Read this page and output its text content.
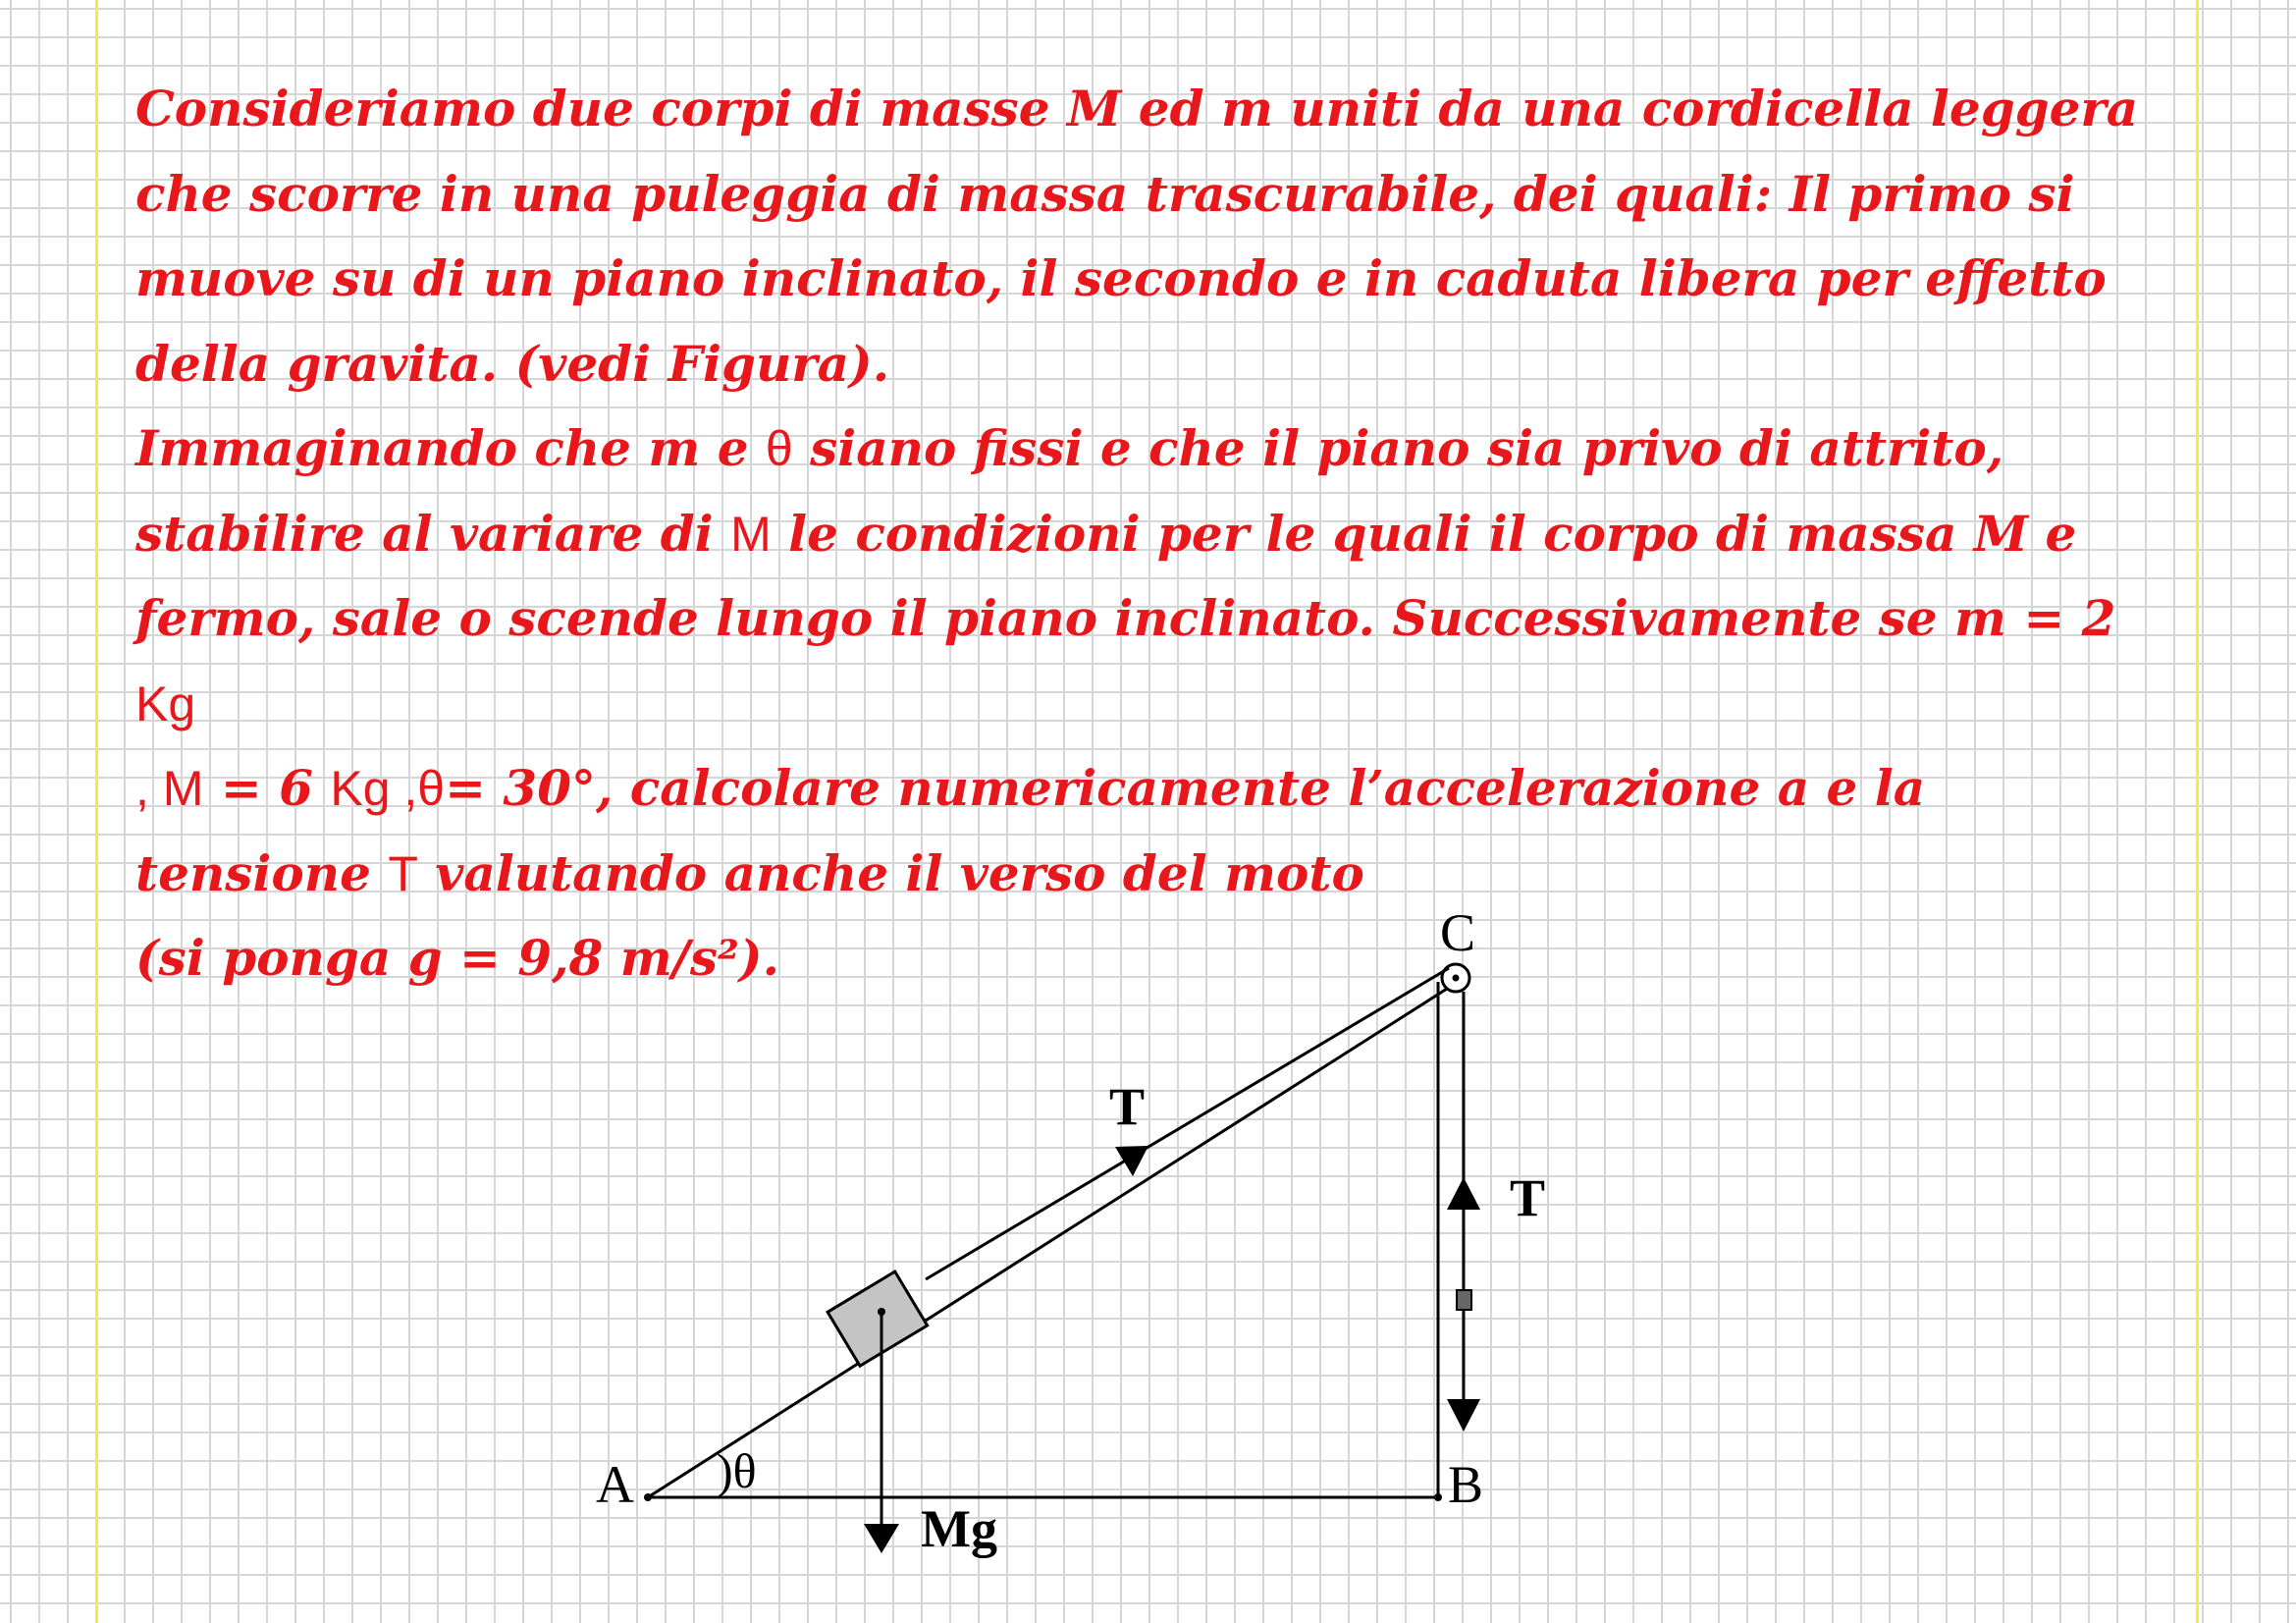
Consideriamo due corpi di masse M ed m uniti da una cordicella leggera

che scorre in una puleggia di massa trascurabile, dei quali: Il primo si

muove su di un piano inclinato, il secondo e in caduta libera per effetto

della gravita. (vedi Figura).

Immaginando che m e θ siano fissi e che il piano sia privo di attrito,

stabilire al variare di M le condizioni per le quali il corpo di massa M e

fermo, sale o scende lungo il piano inclinato. Successivamente se m = 2 Kg

, M = 6 Kg ,θ= 30°, calcolare numericamente l’accelerazione a e la

tensione T valutando anche il verso del moto

(si ponga g = 9,8 m/s²).

A	B
C
)θ
T
T
Mg
